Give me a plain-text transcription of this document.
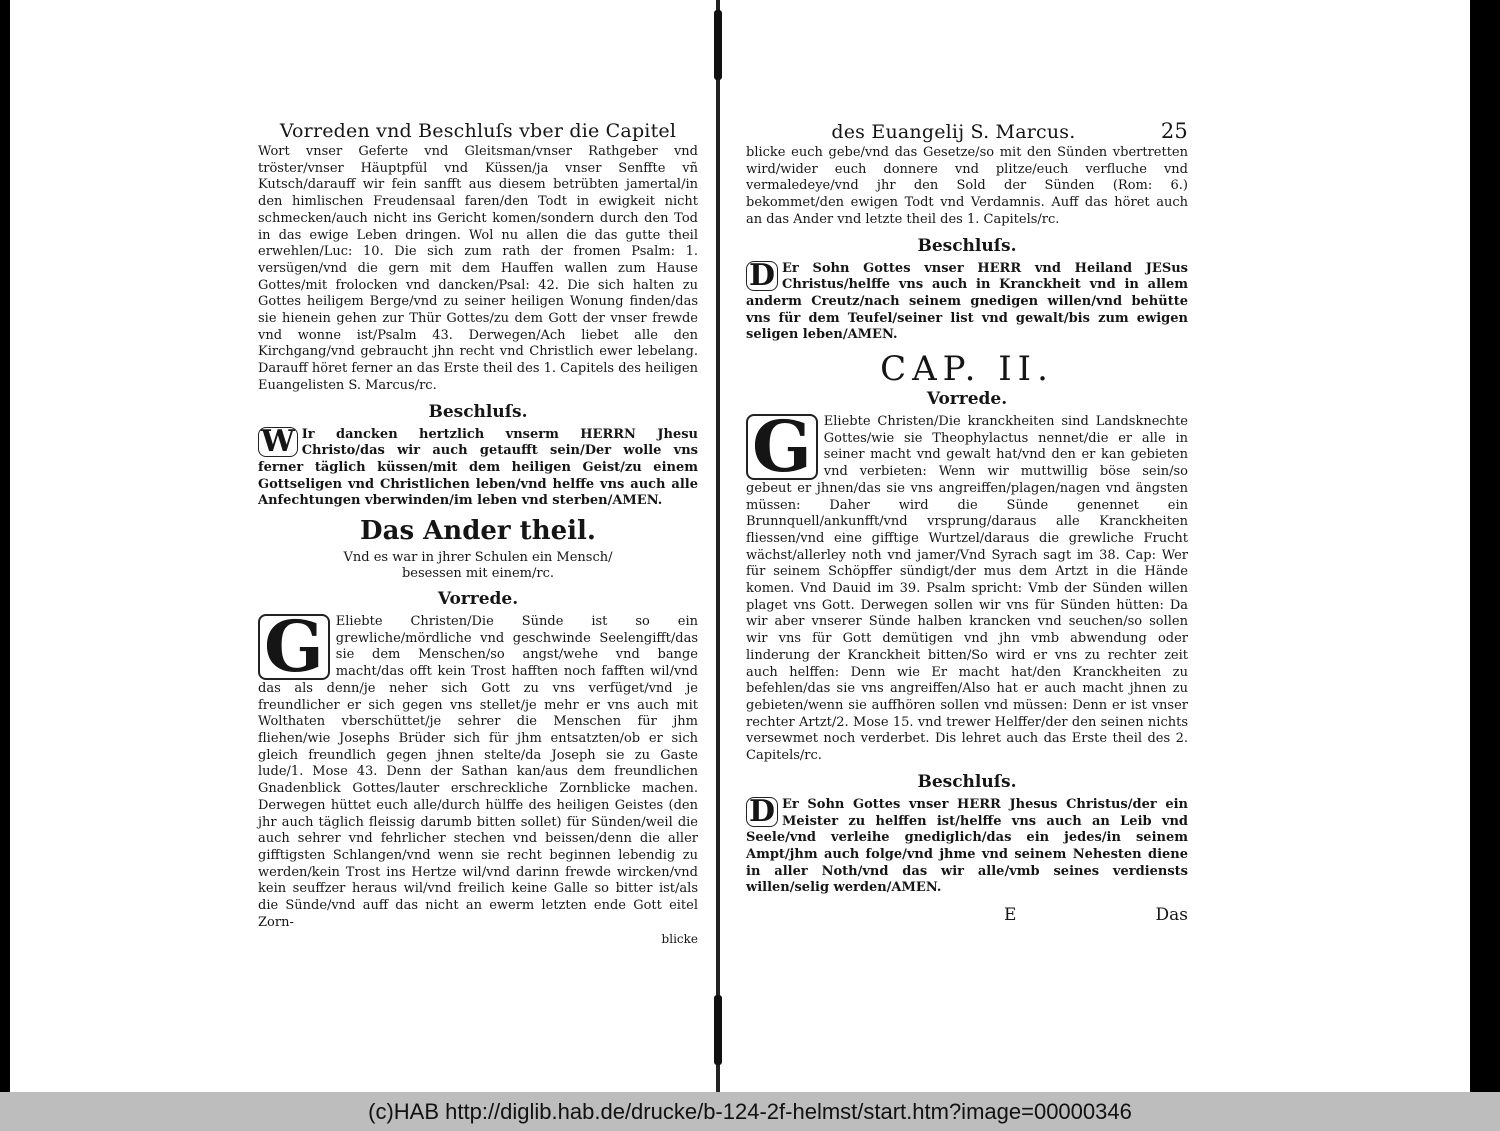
Vorreden vnd Beschluſs vber die Capitel

Wort vnser Geferte vnd Gleitsman/vnser Rathgeber vnd tröster/vnser Häuptpfül vnd Küssen/ja vnser Senffte vñ Kutsch/darauff wir fein sanfft aus diesem betrübten jamertal/in den himlischen Freudensaal faren/den Todt in ewigkeit nicht schmecken/auch nicht ins Gericht komen/sondern durch den Tod in das ewige Leben dringen. Wol nu allen die das gutte theil erwehlen/Luc: 10. Die sich zum rath der fromen Psalm: 1. versügen/vnd die gern mit dem Hauffen wallen zum Hause Gottes/mit frolocken vnd dancken/Psal: 42. Die sich halten zu Gottes heiligem Berge/vnd zu seiner heiligen Wonung finden/das sie hienein gehen zur Thür Gottes/zu dem Gott der vnser frewde vnd wonne ist/Psalm 43. Derwegen/Ach liebet alle den Kirchgang/vnd gebraucht jhn recht vnd Christlich ewer lebelang. Darauff höret ferner an das Erste theil des 1. Capitels des heiligen Euangelisten S. Marcus/rc.

Beschluſs.

W Ir dancken hertzlich vnserm HERRN Jhesu Christo/das wir auch getaufft sein/Der wolle vns ferner täglich küssen/mit dem heiligen Geist/zu einem Gottseligen vnd Christlichen leben/vnd helffe vns auch alle Anfechtungen vberwinden/im leben vnd sterben/AMEN.

Das Ander theil.
Vnd es war in jhrer Schulen ein Mensch/
besessen mit einem/rc.
Vorrede.

G Eliebte Christen/Die Sünde ist so ein grewliche/mördliche vnd geschwinde Seelengifft/das sie dem Menschen/so angst/wehe vnd bange macht/das offt kein Trost hafften noch fafften wil/vnd das als denn/je neher sich Gott zu vns verfüget/vnd je freundlicher er sich gegen vns stellet/je mehr er vns auch mit Wolthaten vberschüttet/je sehrer die Menschen für jhm fliehen/wie Josephs Brüder sich für jhm entsatzten/ob er sich gleich freundlich gegen jhnen stelte/da Joseph sie zu Gaste lude/1. Mose 43. Denn der Sathan kan/aus dem freundlichen Gnadenblick Gottes/lauter erschreckliche Zornblicke machen. Derwegen hüttet euch alle/durch hülffe des heiligen Geistes (den jhr auch täglich fleissig darumb bitten sollet) für Sünden/weil die auch sehrer vnd fehrlicher stechen vnd beissen/denn die aller gifftigsten Schlangen/vnd wenn sie recht beginnen lebendig zu werden/kein Trost ins Hertze wil/vnd darinn frewde wircken/vnd kein seuffzer heraus wil/vnd freilich keine Galle so bitter ist/als die Sünde/vnd auff das nicht an ewerm letzten ende Gott eitel Zorn-

blicke
des Euangelij S. Marcus.	25

blicke euch gebe/vnd das Gesetze/so mit den Sünden vbertretten wird/wider euch donnere vnd plitze/euch verfluche vnd vermaledeye/vnd jhr den Sold der Sünden (Rom: 6.) bekommet/den ewigen Todt vnd Verdamnis. Auff das höret auch an das Ander vnd letzte theil des 1. Capitels/rc.

Beschluſs.

D Er Sohn Gottes vnser HERR vnd Heiland JESus Christus/helffe vns auch in Kranckheit vnd in allem anderm Creutz/nach seinem gnedigen willen/vnd behütte vns für dem Teufel/seiner list vnd gewalt/bis zum ewigen seligen leben/AMEN.

CAP. II.
Vorrede.

G Eliebte Christen/Die kranckheiten sind Landsknechte Gottes/wie sie Theophylactus nennet/die er alle in seiner macht vnd gewalt hat/vnd den er kan gebieten vnd verbieten: Wenn wir muttwillig böse sein/so gebeut er jhnen/das sie vns angreiffen/plagen/nagen vnd ängsten müssen: Daher wird die Sünde genennet ein Brunnquell/ankunfft/vnd vrsprung/daraus alle Kranckheiten fliessen/vnd eine gifftige Wurtzel/daraus die grewliche Frucht wächst/allerley noth vnd jamer/Vnd Syrach sagt im 38. Cap: Wer für seinem Schöpffer sündigt/der mus dem Artzt in die Hände komen. Vnd Dauid im 39. Psalm spricht: Vmb der Sünden willen plaget vns Gott. Derwegen sollen wir vns für Sünden hütten: Da wir aber vnserer Sünde halben krancken vnd seuchen/so sollen wir vns für Gott demütigen vnd jhn vmb abwendung oder linderung der Kranckheit bitten/So wird er vns zu rechter zeit auch helffen: Denn wie Er macht hat/den Kranckheiten zu befehlen/das sie vns angreiffen/Also hat er auch macht jhnen zu gebieten/wenn sie auffhören sollen vnd müssen: Denn er ist vnser rechter Artzt/2. Mose 15. vnd trewer Helffer/der den seinen nichts versewmet noch verderbet. Dis lehret auch das Erste theil des 2. Capitels/rc.

Beschluſs.

D Er Sohn Gottes vnser HERR Jhesus Christus/der ein Meister zu helffen ist/helffe vns auch an Leib vnd Seele/vnd verleihe gnediglich/das ein jedes/in seinem Ampt/jhm auch folge/vnd jhme vnd seinem Nehesten diene in aller Noth/vnd das wir alle/vmb seines verdiensts willen/selig werden/AMEN.

E	Das
(c)HAB http://diglib.hab.de/drucke/b-124-2f-helmst/start.htm?image=00000346
